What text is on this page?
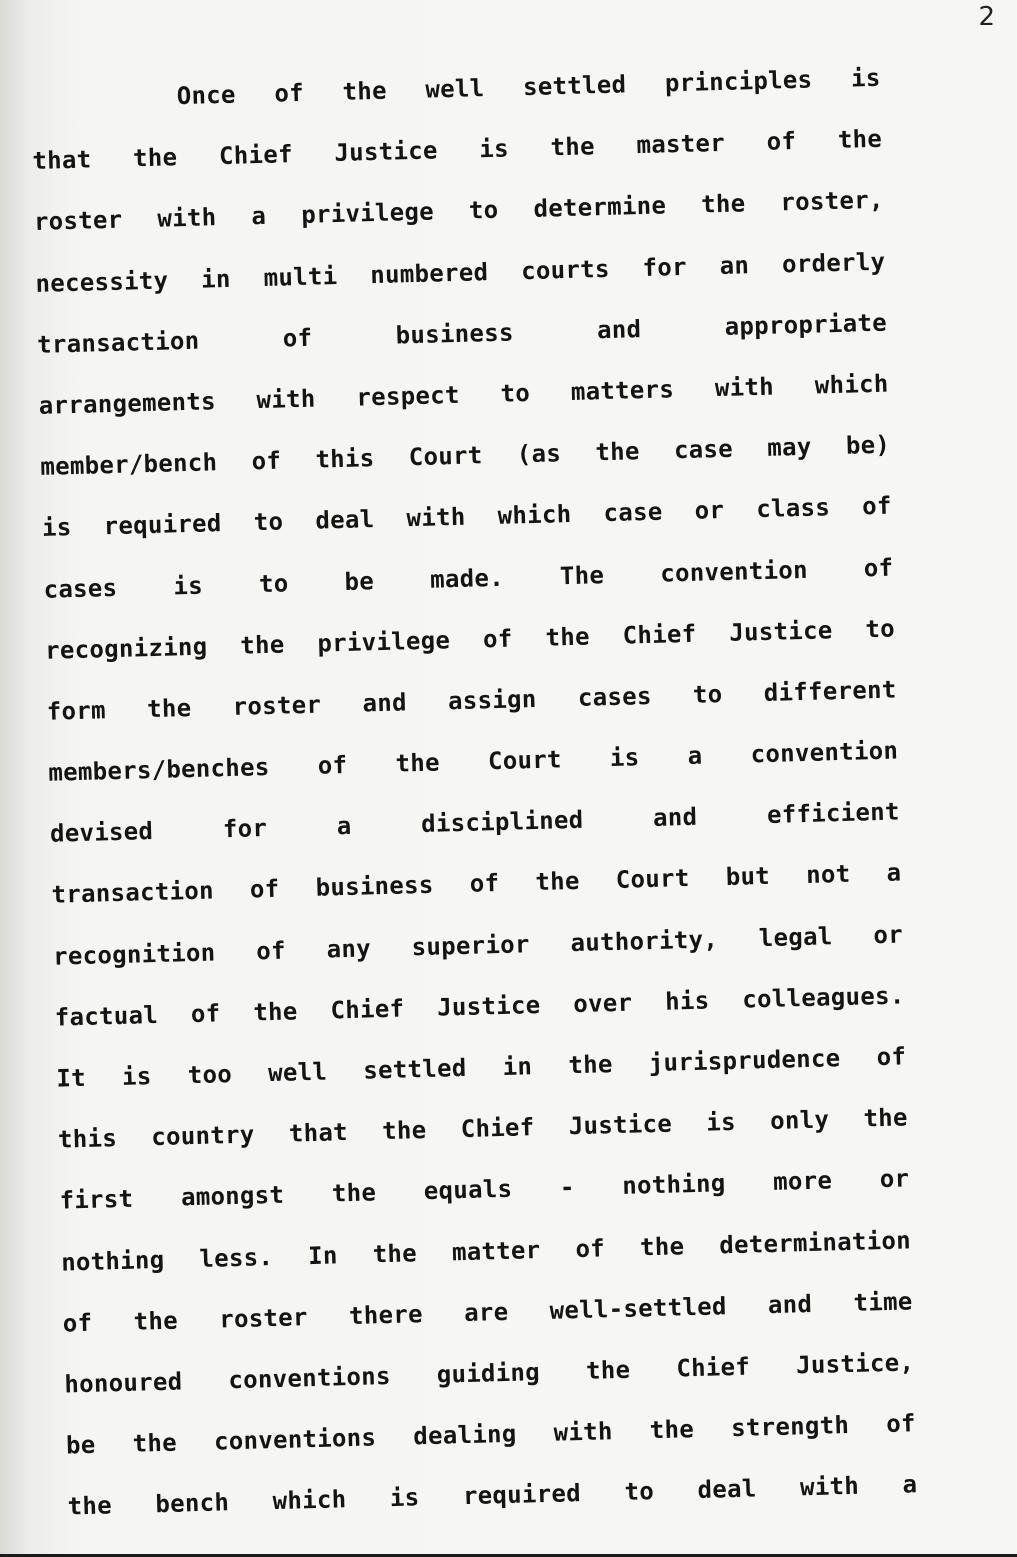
2
Once of the well settled principles is
that the Chief Justice is the master of the
roster with a privilege to determine the roster,
necessity in multi numbered courts for an orderly
transaction of business and appropriate
arrangements with respect to matters with which
member/bench of this Court (as the case may be)
is required to deal with which case or class of
cases is to be made. The convention of
recognizing the privilege of the Chief Justice to
form the roster and assign cases to different
members/benches of the Court is a convention
devised for a disciplined and efficient
transaction of business of the Court but not a
recognition of any superior authority, legal or
factual of the Chief Justice over his colleagues.
It is too well settled in the jurisprudence of
this country that the Chief Justice is only the
first amongst the equals - nothing more or
nothing less. In the matter of the determination
of the roster there are well-settled and time
honoured conventions guiding the Chief Justice,
be the conventions dealing with the strength of
the bench which is required to deal with a
